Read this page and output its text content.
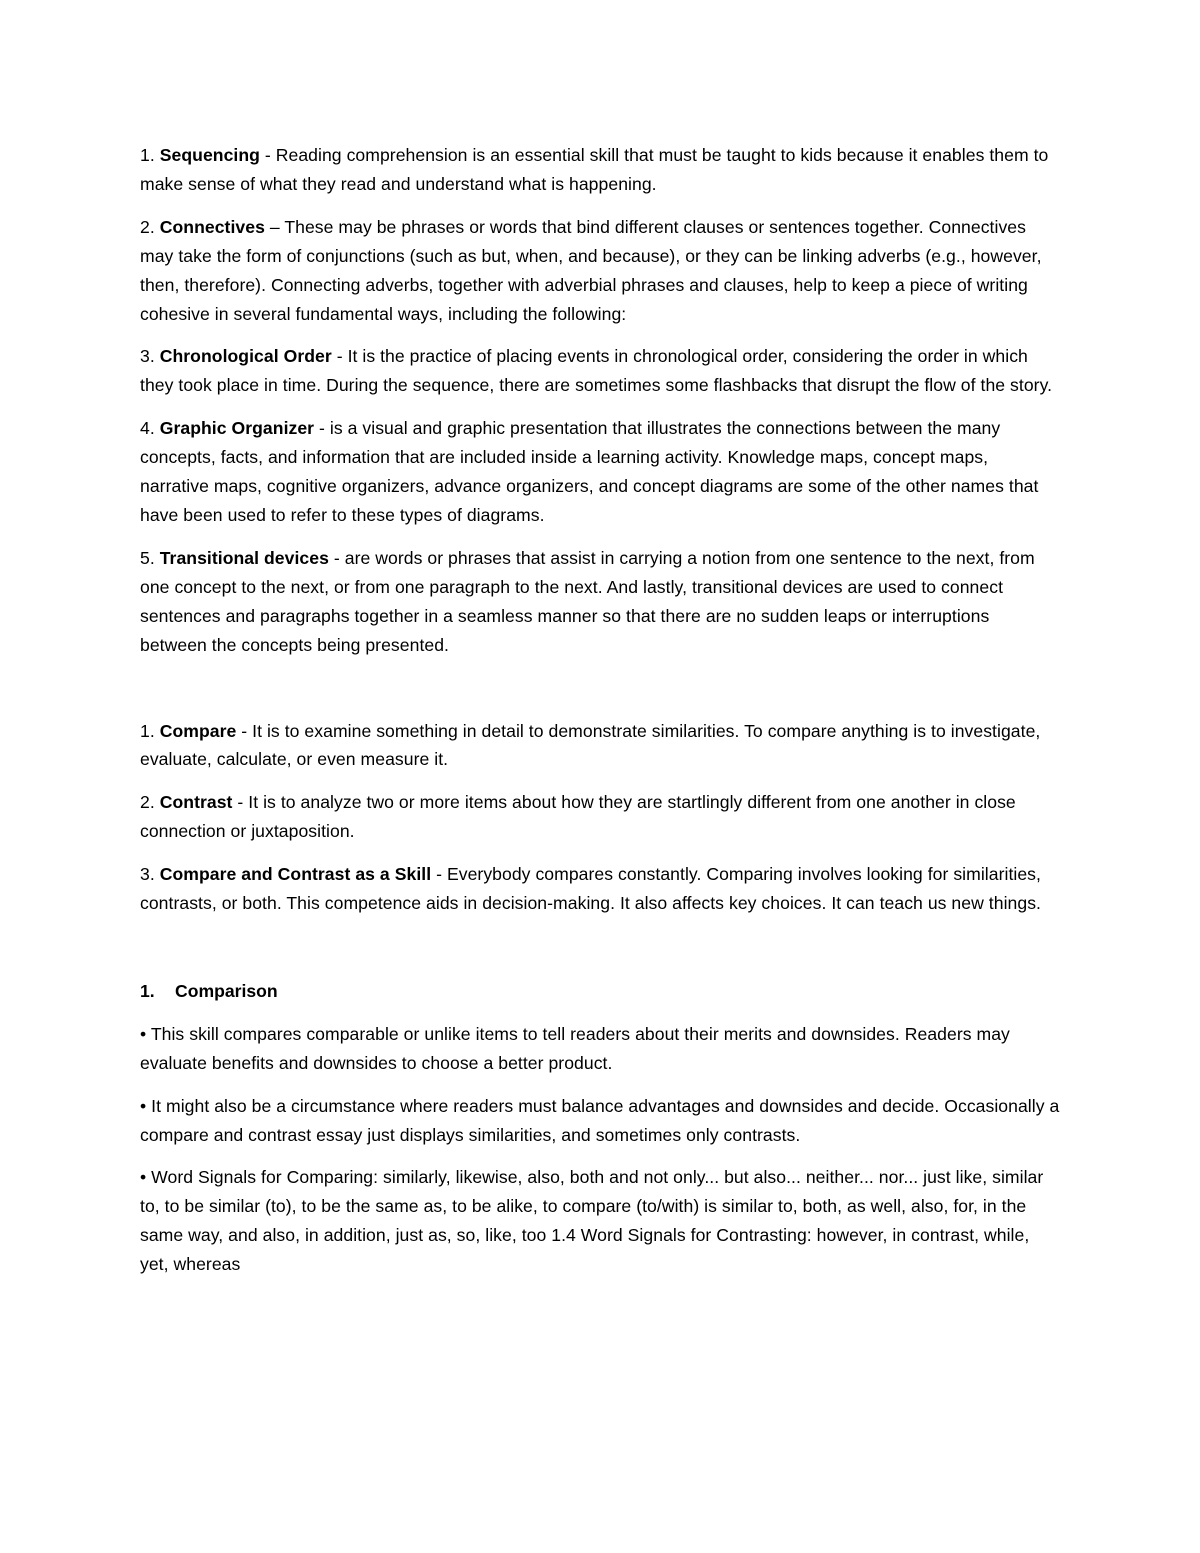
1. Sequencing - Reading comprehension is an essential skill that must be taught to kids because it enables them to make sense of what they read and understand what is happening.

2. Connectives – These may be phrases or words that bind different clauses or sentences together. Connectives may take the form of conjunctions (such as but, when, and because), or they can be linking adverbs (e.g., however, then, therefore). Connecting adverbs, together with adverbial phrases and clauses, help to keep a piece of writing cohesive in several fundamental ways, including the following:

3. Chronological Order - It is the practice of placing events in chronological order, considering the order in which they took place in time. During the sequence, there are sometimes some flashbacks that disrupt the flow of the story.

4. Graphic Organizer - is a visual and graphic presentation that illustrates the connections between the many concepts, facts, and information that are included inside a learning activity. Knowledge maps, concept maps, narrative maps, cognitive organizers, advance organizers, and concept diagrams are some of the other names that have been used to refer to these types of diagrams.

5. Transitional devices - are words or phrases that assist in carrying a notion from one sentence to the next, from one concept to the next, or from one paragraph to the next. And lastly, transitional devices are used to connect sentences and paragraphs together in a seamless manner so that there are no sudden leaps or interruptions between the concepts being presented.

1. Compare - It is to examine something in detail to demonstrate similarities. To compare anything is to investigate, evaluate, calculate, or even measure it.

2. Contrast - It is to analyze two or more items about how they are startlingly different from one another in close connection or juxtaposition.

3. Compare and Contrast as a Skill - Everybody compares constantly. Comparing involves looking for similarities, contrasts, or both. This competence aids in decision-making. It also affects key choices. It can teach us new things.

1. Comparison

• This skill compares comparable or unlike items to tell readers about their merits and downsides. Readers may evaluate benefits and downsides to choose a better product.

• It might also be a circumstance where readers must balance advantages and downsides and decide. Occasionally a compare and contrast essay just displays similarities, and sometimes only contrasts.

• Word Signals for Comparing: similarly, likewise, also, both and not only... but also... neither... nor... just like, similar to, to be similar (to), to be the same as, to be alike, to compare (to/with) is similar to, both, as well, also, for, in the same way, and also, in addition, just as, so, like, too 1.4 Word Signals for Contrasting: however, in contrast, while, yet, whereas
